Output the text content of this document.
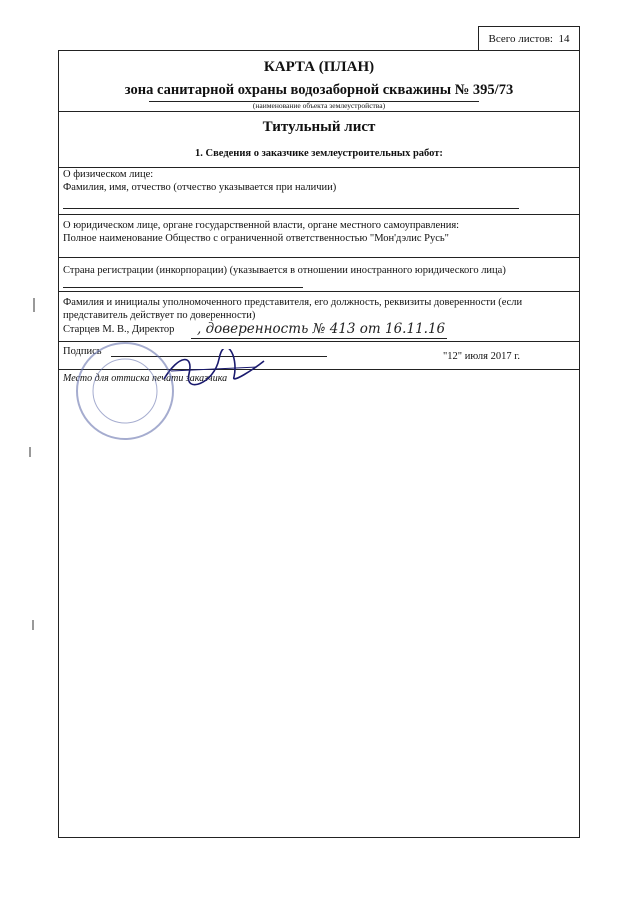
Всего листов:
14
КАРТА (ПЛАН)
зона санитарной охраны водозаборной скважины № 395/73
(наименование объекта землеустройства)
Титульный лист
1. Сведения о заказчике землеустроительных работ:
О физическом лице:
Фамилия, имя, отчество (отчество указывается при наличии)
О юридическом лице, органе государственной власти, органе местного самоуправления:
Полное наименование Общество с ограниченной ответственностью "Мон'дэлис Русь"
Страна регистрации (инкорпорации) (указывается в отношении иностранного юридического лица)
Фамилия и инициалы уполномоченного представителя, его должность, реквизиты доверенности (если
представитель действует по доверенности)
Старцев М. В., Директор , доверенность № 413 от 16.11.16
Подпись	"12" июля 2017 г.
Место для оттиска печати заказчика
